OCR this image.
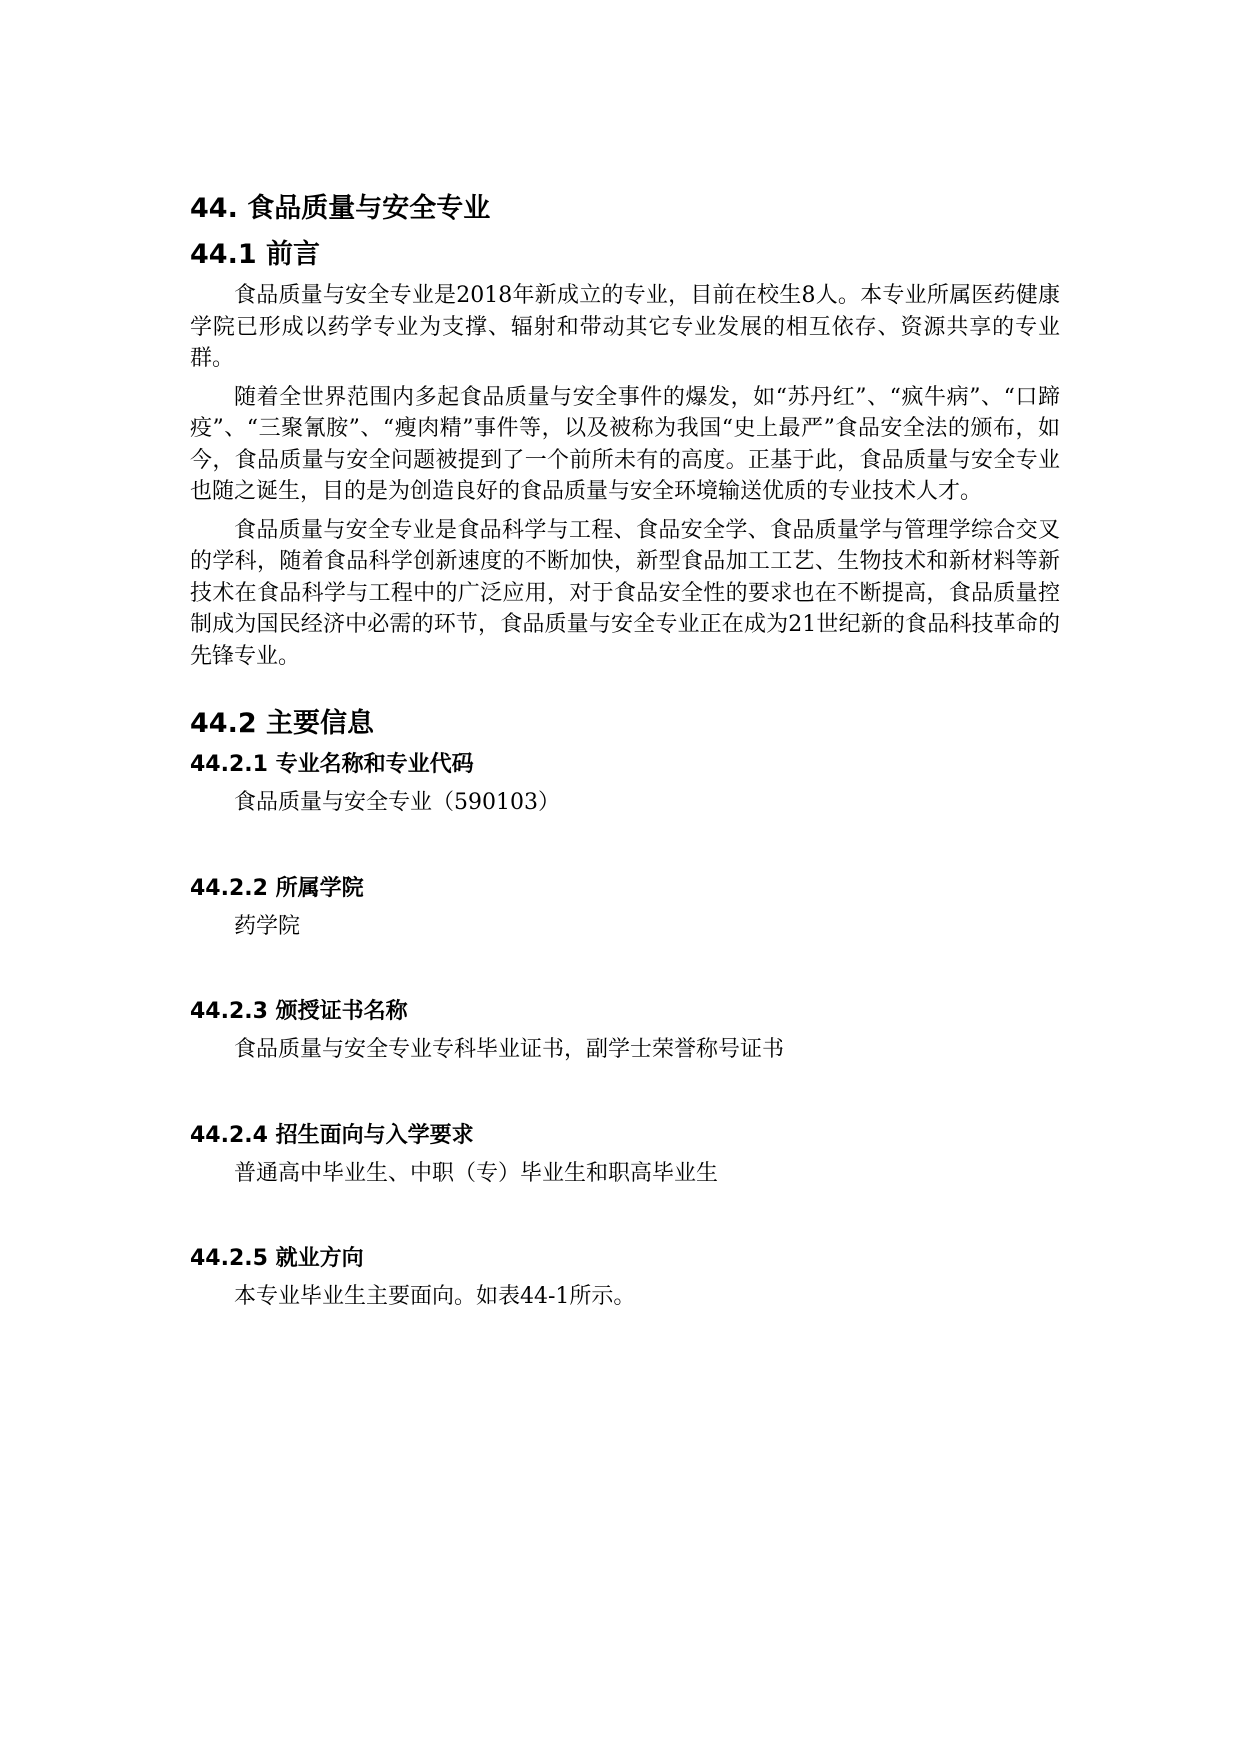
44. 食品质量与安全专业
44.1 前言

食品质量与安全专业是2018年新成立的专业，目前在校生8人。本专业所属医药健康学院已形成以药学专业为支撑、辐射和带动其它专业发展的相互依存、资源共享的专业群。

随着全世界范围内多起食品质量与安全事件的爆发，如“苏丹红”、“疯牛病”、“口蹄疫”、“三聚氰胺”、“瘦肉精”事件等，以及被称为我国“史上最严”食品安全法的颁布，如今，食品质量与安全问题被提到了一个前所未有的高度。正基于此，食品质量与安全专业也随之诞生，目的是为创造良好的食品质量与安全环境输送优质的专业技术人才。

食品质量与安全专业是食品科学与工程、食品安全学、食品质量学与管理学综合交叉的学科，随着食品科学创新速度的不断加快，新型食品加工工艺、生物技术和新材料等新技术在食品科学与工程中的广泛应用，对于食品安全性的要求也在不断提高，食品质量控制成为国民经济中必需的环节，食品质量与安全专业正在成为21世纪新的食品科技革命的先锋专业。

44.2 主要信息
44.2.1 专业名称和专业代码

食品质量与安全专业（590103）

44.2.2 所属学院

药学院

44.2.3 颁授证书名称

食品质量与安全专业专科毕业证书，副学士荣誉称号证书

44.2.4 招生面向与入学要求

普通高中毕业生、中职（专）毕业生和职高毕业生

44.2.5 就业方向

本专业毕业生主要面向。如表44-1所示。
